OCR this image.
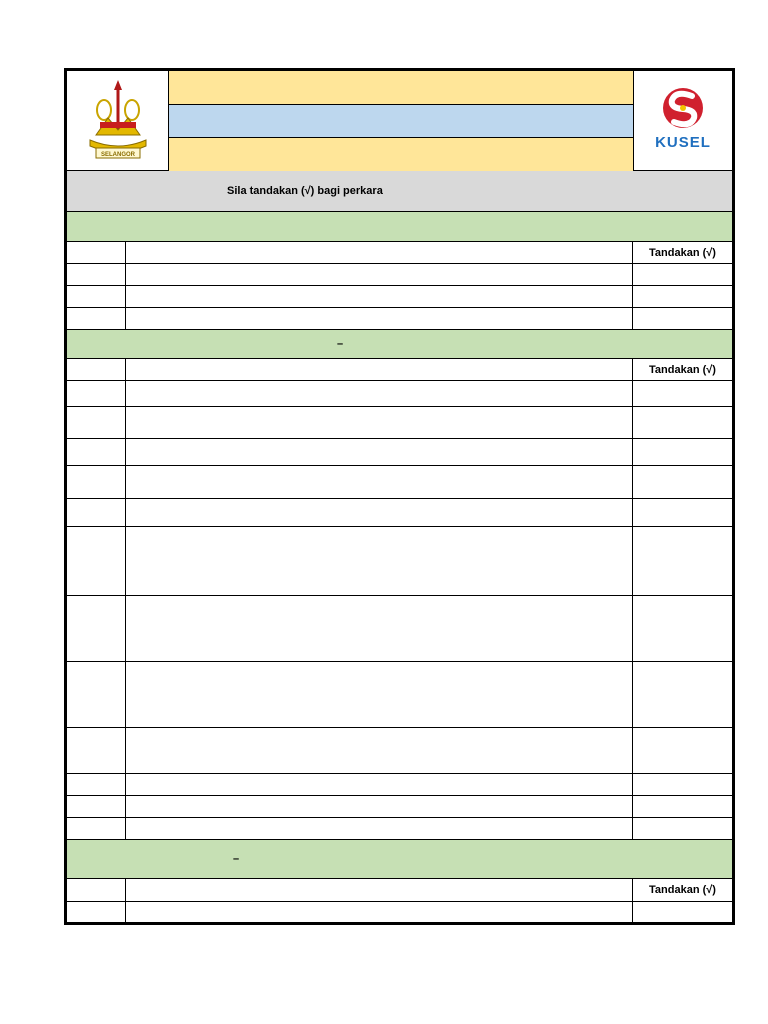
SELANGOR
KUSEL

Sila tandakan (√) bagi perkara
Tandakan (√)
–
Tandakan (√)
–
Tandakan (√)
